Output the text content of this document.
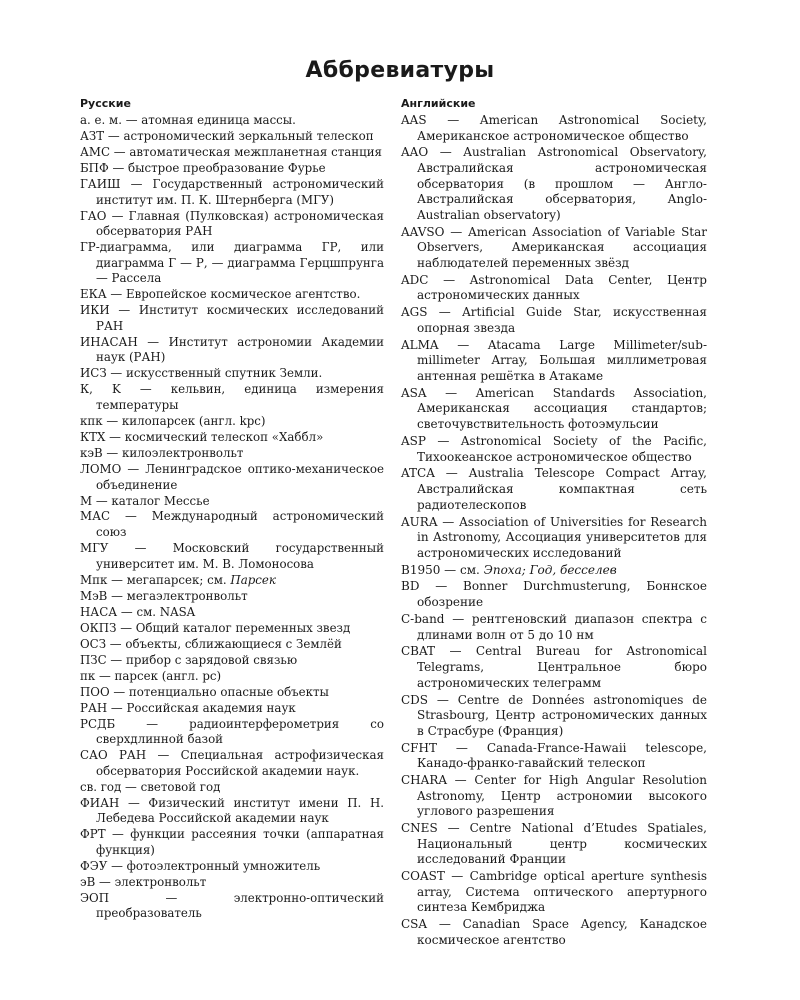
Аббревиатуры
Русские
а. е. м. — атомная единица массы.
АЗТ — астрономический зеркальный телескоп
АМС — автоматическая межпланетная станция
БПФ — быстрое преобразование Фурье
ГАИШ — Государственный астрономический институт им. П. К. Штернберга (МГУ)
ГАО — Главная (Пулковская) астрономическая обсерватория РАН
ГР-диаграмма, или диаграмма ГР, или диаграмма Г — Р, — диаграмма Герцшпрунга — Рассела
ЕКА — Европейское космическое агентство.
ИКИ — Институт космических исследований РАН
ИНАСАН — Институт астрономии Академии наук (РАН)
ИСЗ — искусственный спутник Земли.
К, K — кельвин, единица измерения температуры
кпк — килопарсек (англ. kpc)
КТХ — космический телескоп «Хаббл»
кэВ — килоэлектронвольт
ЛОМО — Ленинградское оптико-механическое объединение
М — каталог Мессье
МАС — Международный астрономический союз
МГУ — Московский государственный университет им. М. В. Ломоносова
Мпк — мегапарсек; см. Парсек
МэВ — мегаэлектронвольт
НАСА — см. NASA
ОКПЗ — Общий каталог переменных звезд
ОСЗ — объекты, сближающиеся с Землёй
ПЗС — прибор с зарядовой связью
пк — парсек (англ. pc)
ПОО — потенциально опасные объекты
РАН — Российская академия наук
РСДБ — радиоинтерферометрия со сверхдлинной базой
САО РАН — Специальная астрофизическая обсерватория Российской академии наук.
св. год — световой год
ФИАН — Физический институт имени П. Н. Лебедева Российской академии наук
ФРТ — функции рассеяния точки (аппаратная функция)
ФЭУ — фотоэлектронный умножитель
эВ — электронвольт
ЭОП — электронно-оптический преобразователь
Английские
AAS — American Astronomical Society, Американское астрономическое общество
AAO — Australian Astronomical Observatory, Австралийская астрономическая обсерватория (в прошлом — Англо-Австралийская обсерватория, Anglo-Australian observatory)
AAVSO — American Association of Variable Star Observers, Американская ассоциация наблюдателей переменных звёзд
ADC — Astronomical Data Center, Центр астрономических данных
AGS — Artificial Guide Star, искусственная опорная звезда
ALMA — Atacama Large Millimeter/sub-millimeter Array, Большая миллиметровая антенная решётка в Атакаме
ASA — American Standards Association, Американская ассоциация стандартов; светочувствительность фотоэмульсии
ASP — Astronomical Society of the Pacific, Тихоокеанское астрономическое общество
ATCA — Australia Telescope Compact Array, Австралийская компактная сеть радиотелескопов
AURA — Association of Universities for Research in Astronomy, Ассоциация университетов для астрономических исследований
B1950 — см. Эпоха; Год, бесселев
BD — Bonner Durchmusterung, Боннское обозрение
C-band — рентгеновский диапазон спектра с длинами волн от 5 до 10 нм
CBAT — Central Bureau for Astronomical Telegrams, Центральное бюро астрономических телеграмм
CDS — Centre de Données astronomiques de Strasbourg, Центр астрономических данных в Страсбуре (Франция)
CFHT — Canada-France-Hawaii telescope, Канадо-франко-гавайский телескоп
CHARA — Center for High Angular Resolution Astronomy, Центр астрономии высокого углового разрешения
CNES — Centre National d’Etudes Spatiales, Национальный центр космических исследований Франции
COAST — Cambridge optical aperture synthesis array, Система оптического апертурного синтеза Кембриджа
CSA — Canadian Space Agency, Канадское космическое агентство
